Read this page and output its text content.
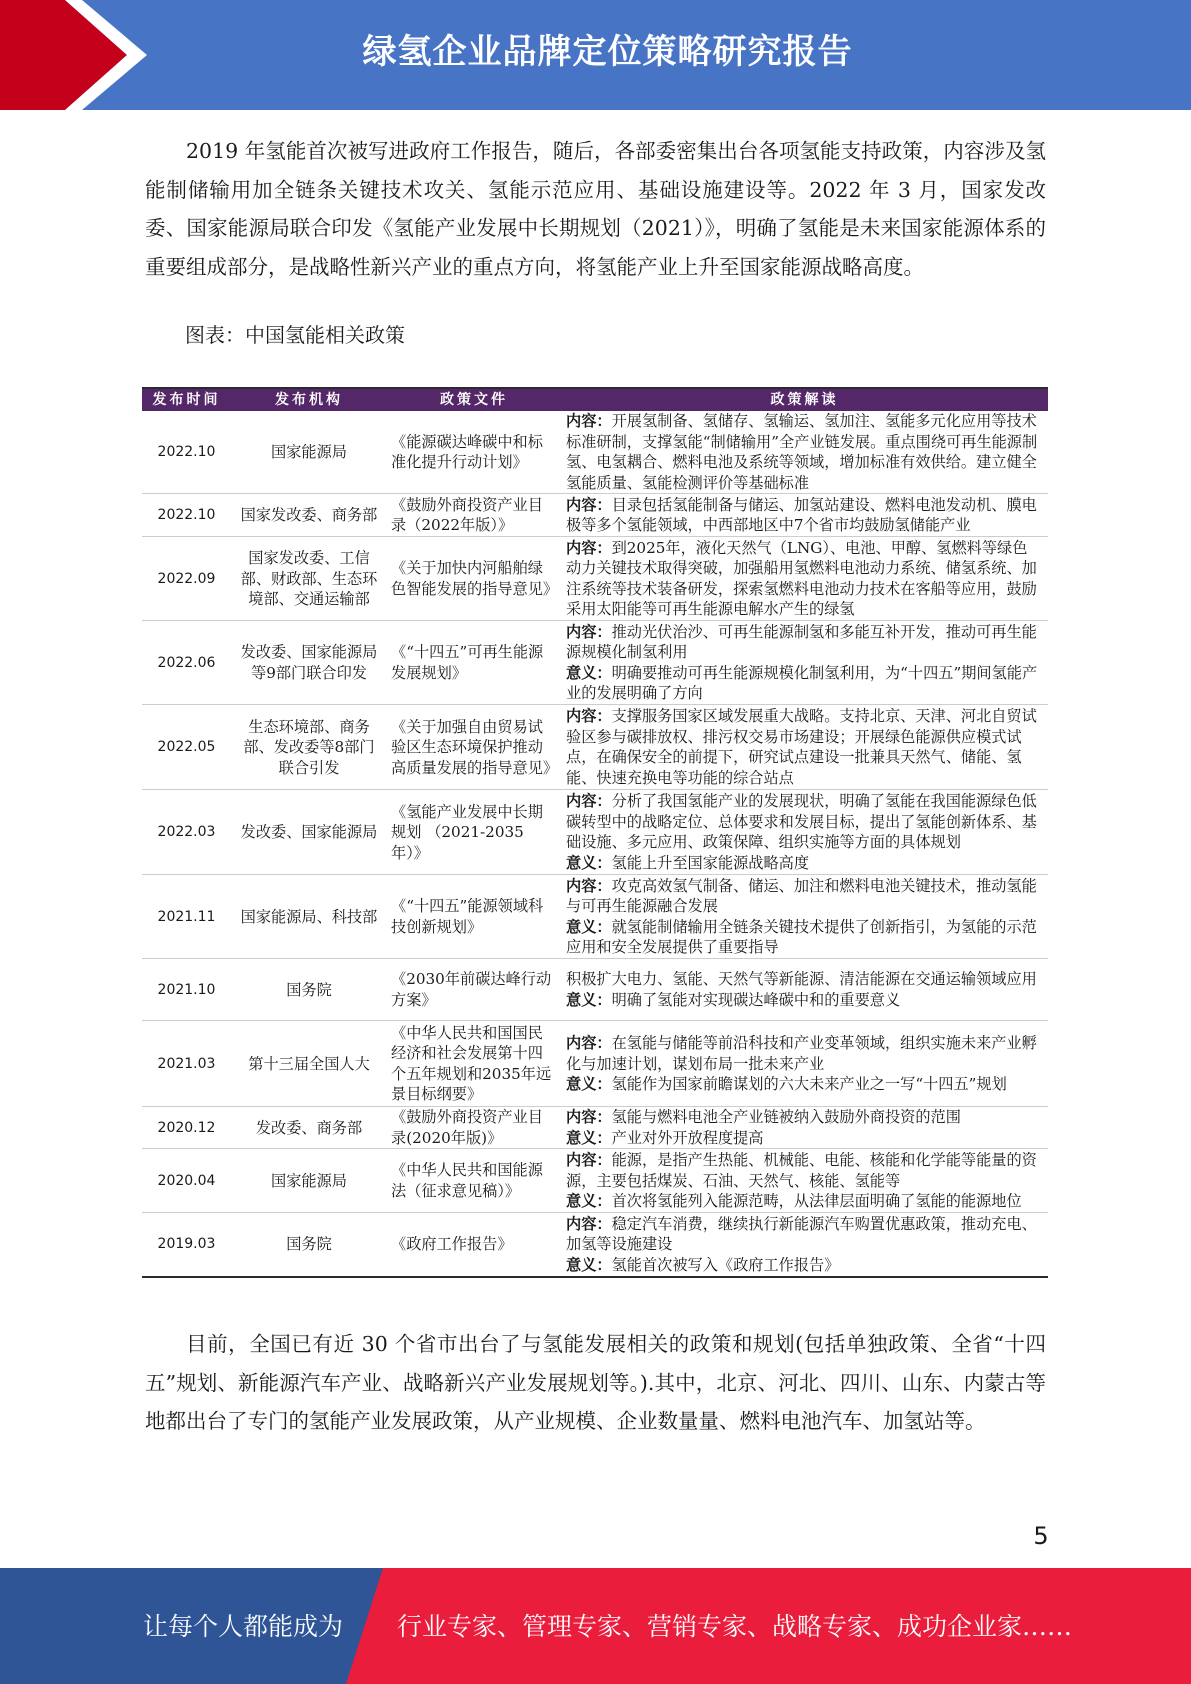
绿氢企业品牌定位策略研究报告

2019 年氢能首次被写进政府工作报告，随后，各部委密集出台各项氢能支持政策，内容涉及氢能制储输用加全链条关键技术攻关、氢能示范应用、基础设施建设等。2022 年 3 月，国家发改委、国家能源局联合印发《氢能产业发展中长期规划（2021）》，明确了氢能是未来国家能源体系的重要组成部分，是战略性新兴产业的重点方向，将氢能产业上升至国家能源战略高度。

图表：中国氢能相关政策

发布时间	发布机构	政策文件	政策解读
2022.10	国家能源局	《能源碳达峰碳中和标准化提升行动计划》	内容：开展氢制备、氢储存、氢输运、氢加注、氢能多元化应用等技术标准研制，支撑氢能“制储输用”全产业链发展。重点围绕可再生能源制氢、电氢耦合、燃料电池及系统等领域，增加标准有效供给。建立健全氢能质量、氢能检测评价等基础标准

2022.10	国家发改委、商务部	《鼓励外商投资产业目录（2022年版）》	内容：目录包括氢能制备与储运、加氢站建设、燃料电池发动机、膜电极等多个氢能领域，中西部地区中7个省市均鼓励氢储能产业

2022.09	国家发改委、工信部、财政部、生态环境部、交通运输部	《关于加快内河船舶绿色智能发展的指导意见》	内容：到2025年，液化天然气（LNG）、电池、甲醇、氢燃料等绿色动力关键技术取得突破，加强船用氢燃料电池动力系统、储氢系统、加注系统等技术装备研发，探索氢燃料电池动力技术在客船等应用，鼓励采用太阳能等可再生能源电解水产生的绿氢

2022.06	发改委、国家能源局等9部门联合印发	《“十四五”可再生能源发展规划》	内容：推动光伏治沙、可再生能源制氢和多能互补开发，推动可再生能源规模化制氢利用
意义：明确要推动可再生能源规模化制氢利用，为“十四五”期间氢能产业的发展明确了方向

2022.05	生态环境部、商务部、发改委等8部门联合引发	《关于加强自由贸易试验区生态环境保护推动高质量发展的指导意见》	内容：支撑服务国家区域发展重大战略。支持北京、天津、河北自贸试验区参与碳排放权、排污权交易市场建设；开展绿色能源供应模式试点，在确保安全的前提下，研究试点建设一批兼具天然气、储能、氢能、快速充换电等功能的综合站点

2022.03	发改委、国家能源局	《氢能产业发展中长期规划 （2021-2035年）》	内容：分析了我国氢能产业的发展现状，明确了氢能在我国能源绿色低碳转型中的战略定位、总体要求和发展目标，提出了氢能创新体系、基础设施、多元应用、政策保障、组织实施等方面的具体规划
意义：氢能上升至国家能源战略高度

2021.11	国家能源局、科技部	《“十四五”能源领域科技创新规划》	内容：攻克高效氢气制备、储运、加注和燃料电池关键技术，推动氢能与可再生能源融合发展
意义：就氢能制储输用全链条关键技术提供了创新指引，为氢能的示范应用和安全发展提供了重要指导

2021.10	国务院	《2030年前碳达峰行动方案》	积极扩大电力、氢能、天然气等新能源、清洁能源在交通运输领域应用
意义：明确了氢能对实现碳达峰碳中和的重要意义

2021.03	第十三届全国人大	《中华人民共和国国民经济和社会发展第十四个五年规划和2035年远景目标纲要》	内容：在氢能与储能等前沿科技和产业变革领域，组织实施未来产业孵化与加速计划，谋划布局一批未来产业
意义：氢能作为国家前瞻谋划的六大未来产业之一写“十四五”规划

2020.12	发改委、商务部	《鼓励外商投资产业目录(2020年版)》	内容：氢能与燃料电池全产业链被纳入鼓励外商投资的范围
意义：产业对外开放程度提高

2020.04	国家能源局	《中华人民共和国能源法（征求意见稿）》	内容：能源，是指产生热能、机械能、电能、核能和化学能等能量的资源，主要包括煤炭、石油、天然气、核能、氢能等
意义：首次将氢能列入能源范畴，从法律层面明确了氢能的能源地位

2019.03	国务院	《政府工作报告》	内容：稳定汽车消费，继续执行新能源汽车购置优惠政策，推动充电、加氢等设施建设
意义：氢能首次被写入《政府工作报告》

目前，全国已有近 30 个省市出台了与氢能发展相关的政策和规划(包括单独政策、全省“十四五”规划、新能源汽车产业、战略新兴产业发展规划等。).其中，北京、河北、四川、山东、内蒙古等地都出台了专门的氢能产业发展政策，从产业规模、企业数量量、燃料电池汽车、加氢站等。

5
让每个人都能成为 行业专家、管理专家、营销专家、战略专家、成功企业家……
